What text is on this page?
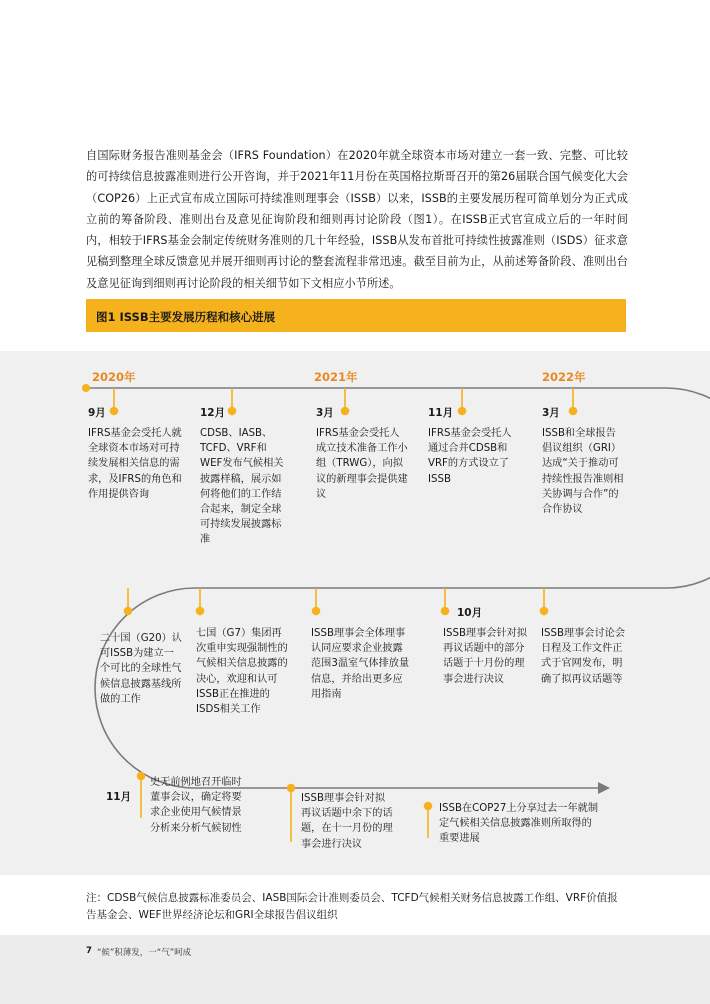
自国际财务报告准则基金会（IFRS Foundation）在2020年就全球资本市场对建立一套一致、完整、可比较的可持续信息披露准则进行公开咨询，并于2021年11月份在英国格拉斯哥召开的第26届联合国气候变化大会（COP26）上正式宣布成立国际可持续准则理事会（ISSB）以来，ISSB的主要发展历程可简单划分为正式成立前的筹备阶段、准则出台及意见征询阶段和细则再讨论阶段（图1）。在ISSB正式官宣成立后的一年时间内，相较于IFRS基金会制定传统财务准则的几十年经验，ISSB从发布首批可持续性披露准则（ISDS）征求意见稿到整理全球反馈意见并展开细则再讨论的整套流程非常迅速。截至目前为止，从前述筹备阶段、准则出台及意见征询到细则再讨论阶段的相关细节如下文相应小节所述。
图1 ISSB主要发展历程和核心进展
2020年	2021年	2022年
9月
IFRS基金会受托人就全球资本市场对可持续发展相关信息的需求，及IFRS的角色和作用提供咨询
12月
CDSB、IASB、TCFD、VRF和WEF发布气候相关披露样稿，展示如何将他们的工作结合起来，制定全球可持续发展披露标准
3月
IFRS基金会受托人成立技术准备工作小组（TRWG），向拟议的新理事会提供建议
11月
IFRS基金会受托人通过合并CDSB和VRF的方式设立了ISSB
3月
ISSB和全球报告倡议组织（GRI）达成“关于推动可持续性报告准则相关协调与合作”的合作协议
二十国（G20）认可ISSB为建立一个可比的全球性气候信息披露基线所做的工作
七国（G7）集团再次重申实现强制性的气候相关信息披露的决心，欢迎和认可ISSB正在推进的ISDS相关工作
ISSB理事会全体理事认同应要求企业披露范围3温室气体排放量信息，并给出更多应用指南
10月
ISSB理事会针对拟再议话题中的部分话题于十月份的理事会进行决议
ISSB理事会讨论会日程及工作文件正式于官网发布，明确了拟再议话题等
11月
史无前例地召开临时董事会议，确定将要求企业使用气候情景分析来分析气候韧性
ISSB理事会针对拟再议话题中余下的话题，在十一月份的理事会进行决议
ISSB在COP27上分享过去一年就制定气候相关信息披露准则所取得的重要进展
注：CDSB气候信息披露标准委员会、IASB国际会计准则委员会、TCFD气候相关财务信息披露工作组、VRF价值报告基金会、WEF世界经济论坛和GRI全球报告倡议组织
7 “候”积薄发，一“气”呵成
